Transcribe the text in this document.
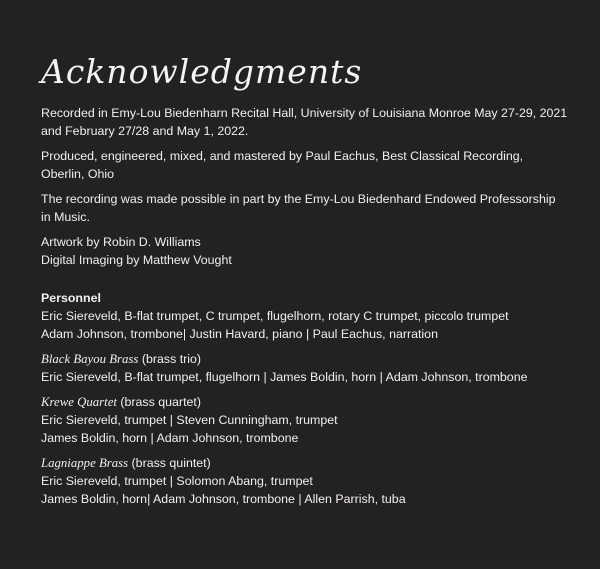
Acknowledgments
Recorded in Emy-Lou Biedenharn Recital Hall, University of Louisiana Monroe May 27-29, 2021
and February 27/28 and May 1, 2022.
Produced, engineered, mixed, and mastered by Paul Eachus, Best Classical Recording,
Oberlin, Ohio
The recording was made possible in part by the Emy-Lou Biedenhard Endowed Professorship
in Music.
Artwork by Robin D. Williams
Digital Imaging by Matthew Vought
Personnel
Eric Siereveld, B-flat trumpet, C trumpet, flugelhorn, rotary C trumpet, piccolo trumpet
Adam Johnson, trombone| Justin Havard, piano | Paul Eachus, narration
Black Bayou Brass (brass trio)
Eric Siereveld, B-flat trumpet, flugelhorn | James Boldin, horn | Adam Johnson, trombone
Krewe Quartet (brass quartet)
Eric Siereveld, trumpet | Steven Cunningham, trumpet
James Boldin, horn | Adam Johnson, trombone
Lagniappe Brass (brass quintet)
Eric Siereveld, trumpet | Solomon Abang, trumpet
James Boldin, horn| Adam Johnson, trombone | Allen Parrish, tuba
